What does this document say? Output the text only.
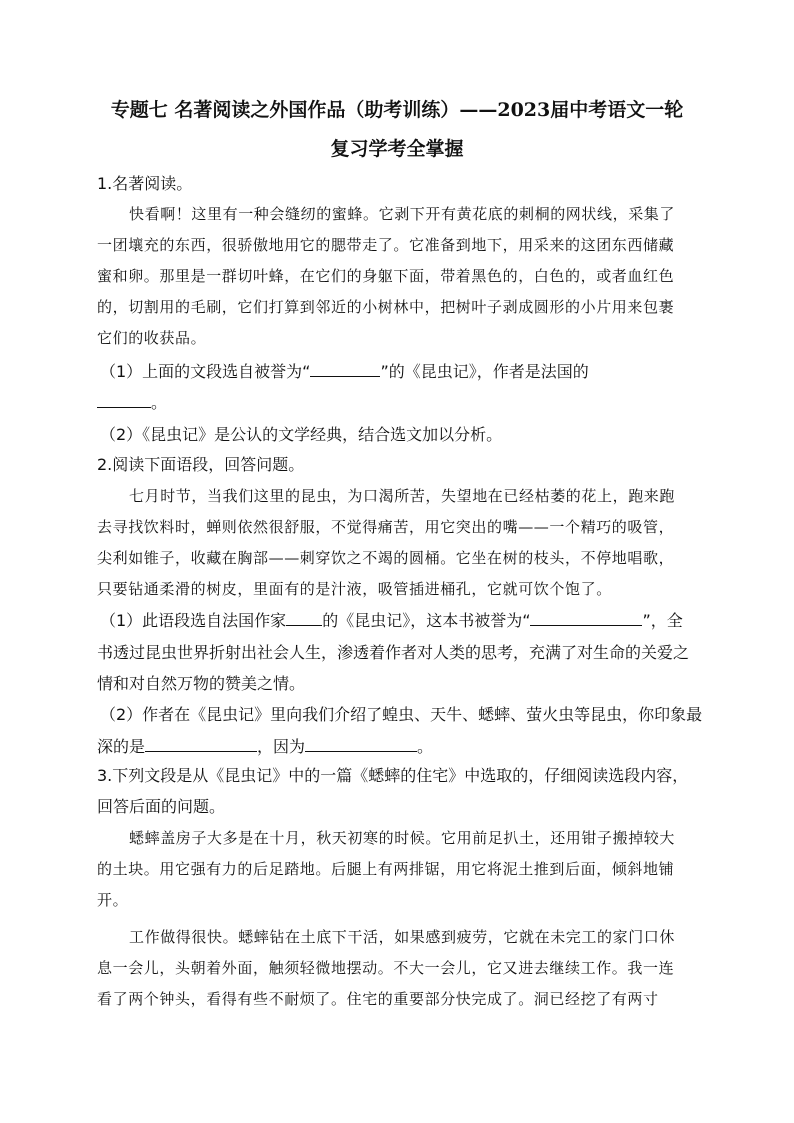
专题七 名著阅读之外国作品（助考训练）——2023届中考语文一轮
复习学考全掌握
1.名著阅读。
快看啊！这里有一种会缝纫的蜜蜂。它剥下开有黄花底的刺桐的网状线，采集了
一团壤充的东西，很骄傲地用它的腮带走了。它准备到地下，用采来的这团东西储藏
蜜和卵。那里是一群切叶蜂，在它们的身躯下面，带着黑色的，白色的，或者血红色
的，切割用的毛刷，它们打算到邻近的小树林中，把树叶子剥成圆形的小片用来包裹
它们的收获品。
（1）上面的文段选自被誉为“	”的《昆虫记》，作者是法国的
。
（2）《昆虫记》是公认的文学经典，结合选文加以分析。
2.阅读下面语段，回答问题。
七月时节，当我们这里的昆虫，为口渴所苦，失望地在已经枯萎的花上，跑来跑
去寻找饮料时，蝉则依然很舒服，不觉得痛苦，用它突出的嘴——一个精巧的吸管，
尖利如锥子，收藏在胸部——刺穿饮之不竭的圆桶。它坐在树的枝头，不停地唱歌，
只要钻通柔滑的树皮，里面有的是汁液，吸管插进桶孔，它就可饮个饱了。
（1）此语段选自法国作家 的《昆虫记》，这本书被誉为“	”，全
书透过昆虫世界折射出社会人生，渗透着作者对人类的思考，充满了对生命的关爱之
情和对自然万物的赞美之情。
（2）作者在《昆虫记》里向我们介绍了蝗虫、天牛、蟋蟀、萤火虫等昆虫，你印象最
深的是	，因为	。
3.下列文段是从《昆虫记》中的一篇《蟋蟀的住宅》中选取的，仔细阅读选段内容，
回答后面的问题。
蟋蟀盖房子大多是在十月，秋天初寒的时候。它用前足扒土，还用钳子搬掉较大
的土块。用它强有力的后足踏地。后腿上有两排锯，用它将泥土推到后面，倾斜地铺
开。
工作做得很快。蟋蟀钻在土底下干活，如果感到疲劳，它就在未完工的家门口休
息一会儿，头朝着外面，触须轻微地摆动。不大一会儿，它又进去继续工作。我一连
看了两个钟头，看得有些不耐烦了。住宅的重要部分快完成了。洞已经挖了有两寸
